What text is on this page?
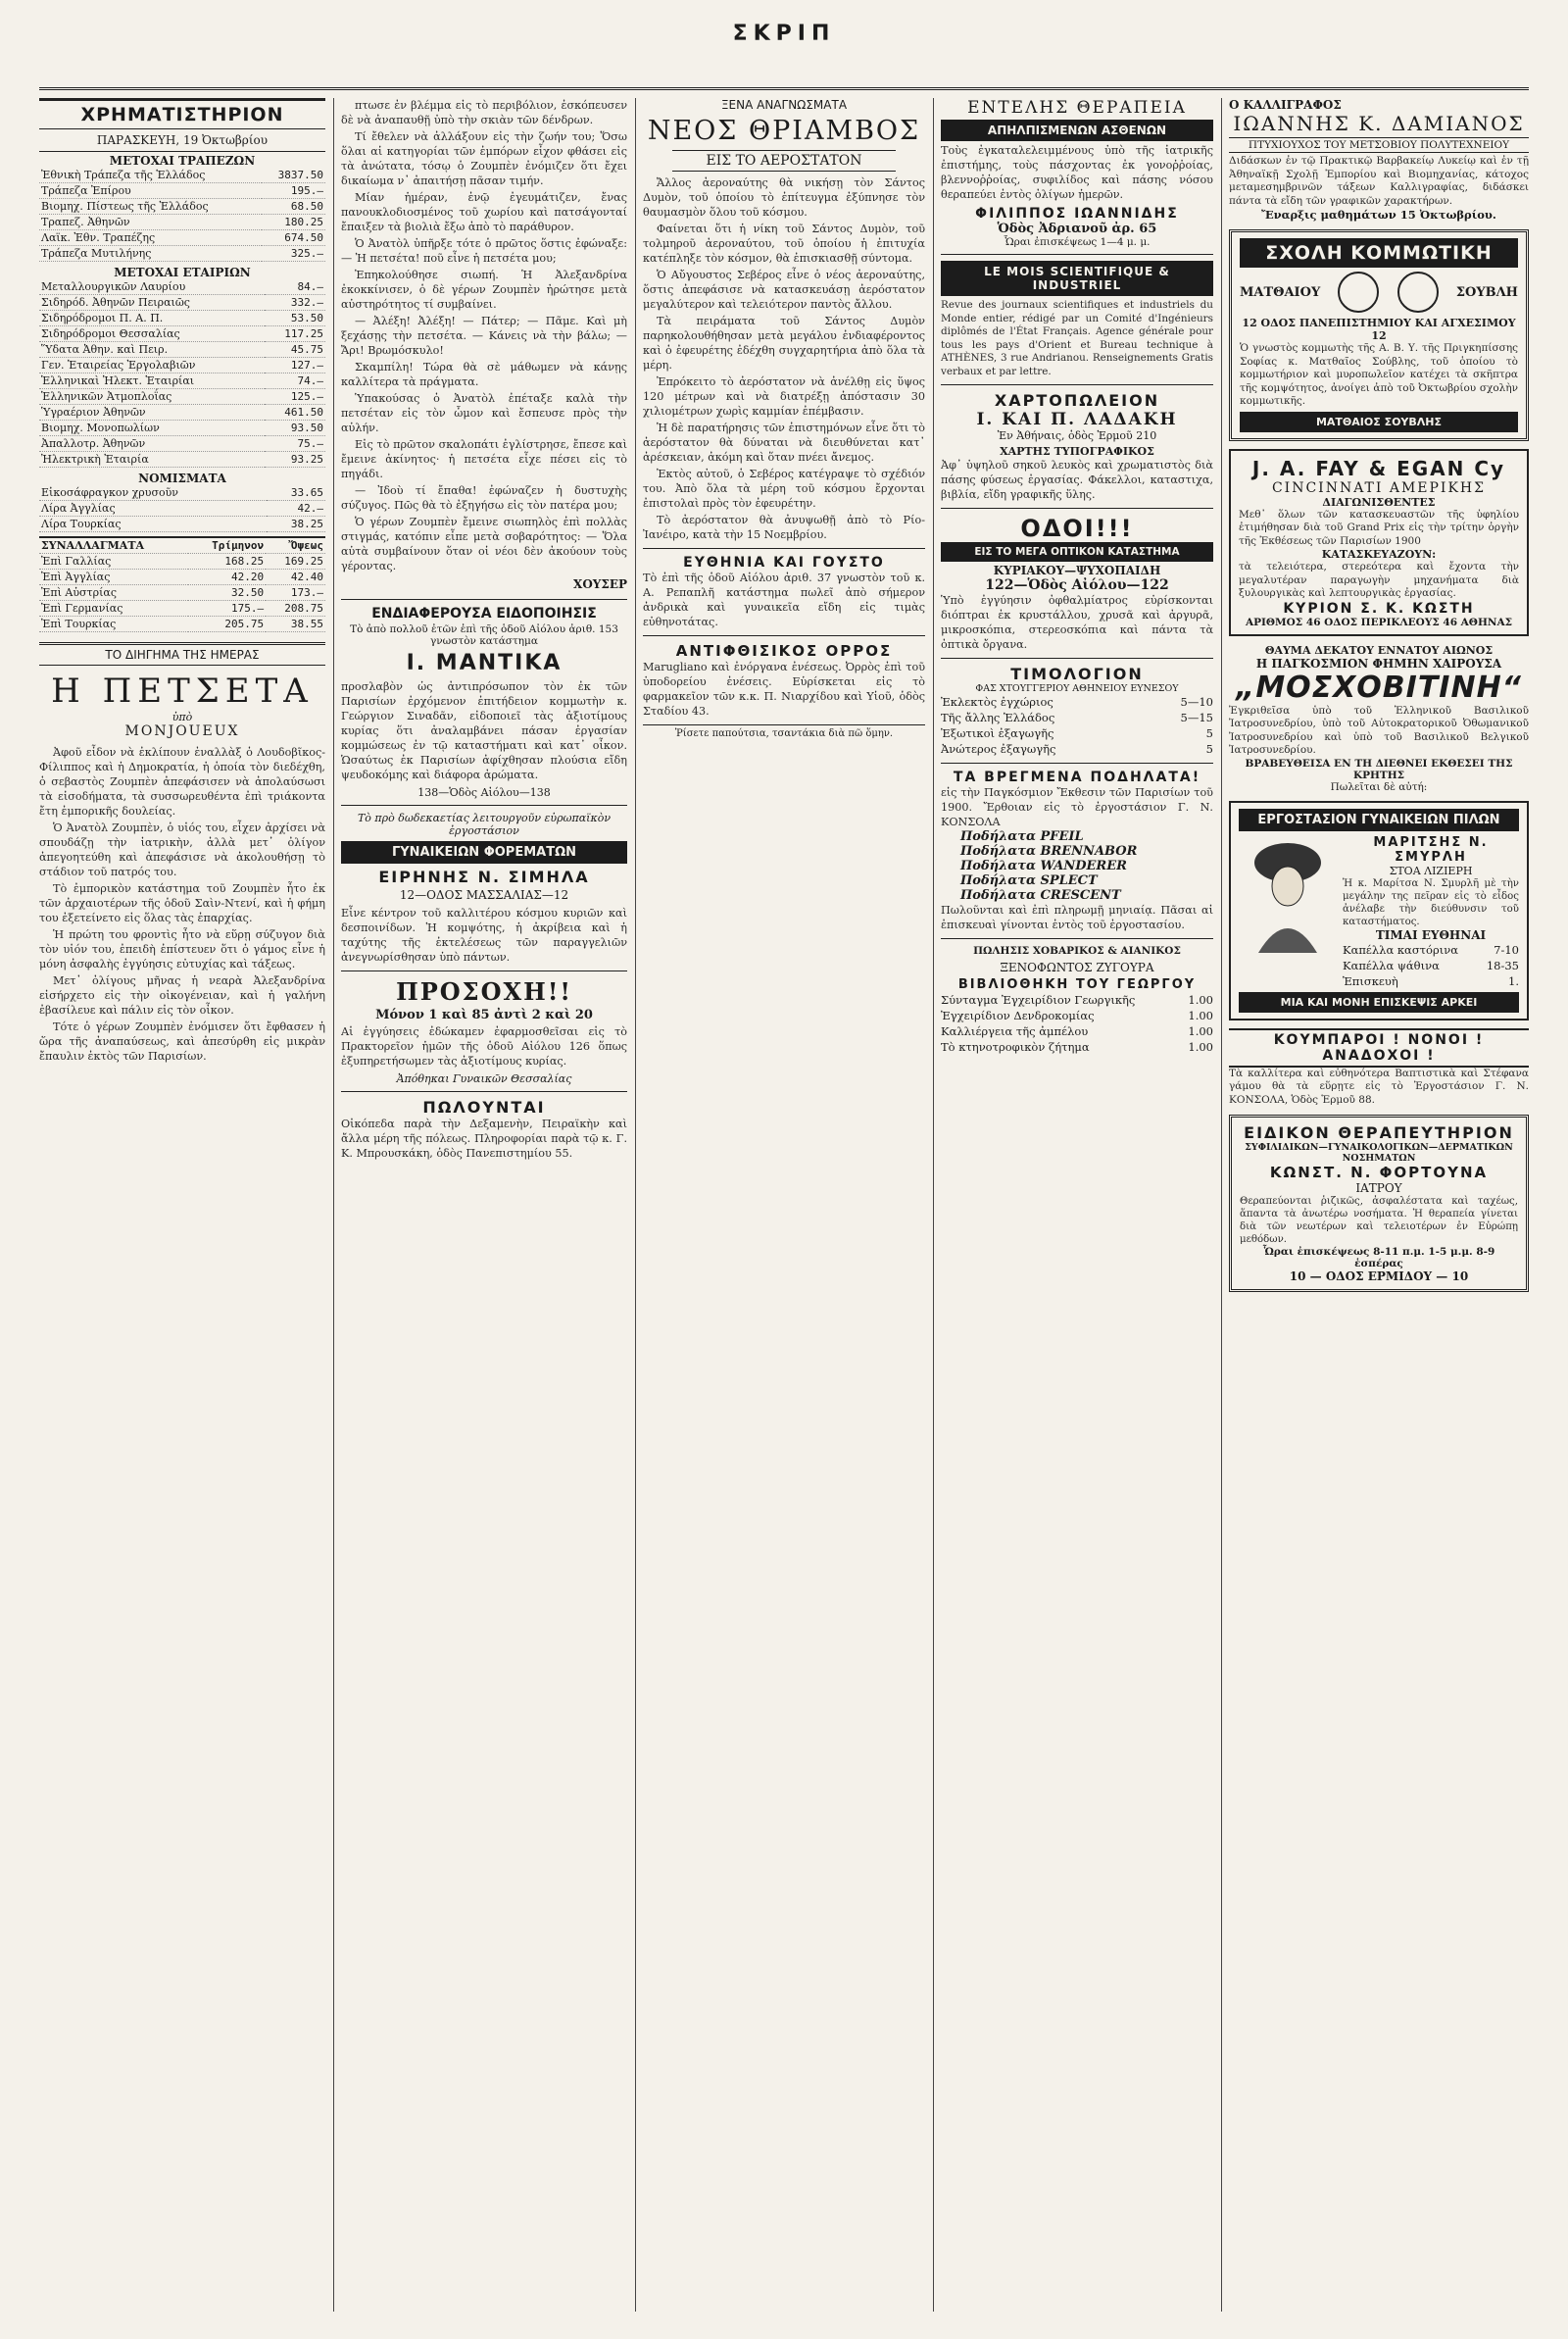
ΣΚΡΙΠ
ΧΡΗΜΑΤΙΣΤΗΡΙΟΝ
ΠΑΡΑΣΚΕΥΗ, 19 Ὀκτωβρίου
ΜΕΤΟΧΑΙ ΤΡΑΠΕΖΩΝ
Ἐθνικὴ Τράπεζα τῆς Ἑλλάδος	3837.50
Τράπεζα Ἐπίρου	195.—
Βιομηχ. Πίστεως τῆς Ἑλλάδος	68.50
Τραπεζ. Ἀθηνῶν	180.25
Λαϊκ. Ἐθν. Τραπέζης	674.50
Τράπεζα Μυτιλήνης	325.—
ΜΕΤΟΧΑΙ ΕΤΑΙΡΙΩΝ
Μεταλλουργικῶν Λαυρίου	84.—
Σιδηρόδ. Ἀθηνῶν Πειραιῶς	332.—
Σιδηρόδρομοι Π. Α. Π.	53.50
Σιδηρόδρομοι Θεσσαλίας	117.25
Ὕδατα Ἀθην. καὶ Πειρ.	45.75
Γεν. Ἑταιρείας Ἐργολαβιῶν	127.—
Ἑλληνικαὶ Ἠλεκτ. Ἑταιρίαι	74.—
Ἑλληνικῶν Ἀτμοπλοΐας	125.—
Ὑγραέριον Ἀθηνῶν	461.50
Βιομηχ. Μονοπωλίων	93.50
Ἀπαλλοτρ. Ἀθηνῶν	75.—
Ἠλεκτρικὴ Ἐταιρία	93.25
ΝΟΜΙΣΜΑΤΑ
Εἰκοσάφραγκον χρυσοῦν	33.65
Λίρα Ἀγγλίας	42.—
Λίρα Τουρκίας	38.25
ΣΥΝΑΛΛΑΓΜΑΤΑ	Τρίμηνον	Ὄψεως
Ἐπὶ Γαλλίας	168.25	169.25
Ἐπὶ Ἀγγλίας	42.20	42.40
Ἐπὶ Αὐστρίας	32.50	173.—
Ἐπὶ Γερμανίας	175.—	208.75
Ἐπὶ Τουρκίας	205.75	38.55
ΤΟ ΔΙΗΓΗΜΑ ΤΗΣ ΗΜΕΡΑΣ
Η ΠΕΤΣΕΤΑ
ὑπὸ
MONJOUEUX

Ἀφοῦ εἶδον νὰ ἐκλίπουν ἐναλλὰξ ὁ Λουδοβῖκος-Φίλιππος καὶ ἡ Δημοκρατία, ἡ ὁποία τὸν διεδέχθη, ὁ σεβαστὸς Ζουμπὲν ἀπεφάσισεν νὰ ἀπολαύσωσι τὰ εἰσοδήματα, τὰ συσσωρευθέντα ἐπὶ τριάκοντα ἔτη ἐμπορικῆς δουλείας.

Ὁ Ἀνατὸλ Ζουμπὲν, ὁ υἱός του, εἶχεν ἀρχίσει νὰ σπουδάζῃ τὴν ἰατρικὴν, ἀλλὰ μετ᾽ ὀλίγον ἀπεγοητεύθη καὶ ἀπεφάσισε νὰ ἀκολουθήσῃ τὸ στάδιον τοῦ πατρός του.

Τὸ ἐμπορικὸν κατάστημα τοῦ Ζουμπὲν ἦτο ἐκ τῶν ἀρχαιοτέρων τῆς ὁδοῦ Σαὶν-Ντενί, καὶ ἡ φήμη του ἐξετείνετο εἰς ὅλας τὰς ἐπαρχίας.

Ἡ πρώτη του φροντὶς ἦτο νὰ εὕρῃ σύζυγον διὰ τὸν υἱόν του, ἐπειδὴ ἐπίστευεν ὅτι ὁ γάμος εἶνε ἡ μόνη ἀσφαλὴς ἐγγύησις εὐτυχίας καὶ τάξεως.

Μετ᾽ ὀλίγους μῆνας ἡ νεαρὰ Ἀλεξανδρίνα εἰσήρχετο εἰς τὴν οἰκογένειαν, καὶ ἡ γαλήνη ἐβασίλευε καὶ πάλιν εἰς τὸν οἶκον.

Τότε ὁ γέρων Ζουμπὲν ἐνόμισεν ὅτι ἔφθασεν ἡ ὥρα τῆς ἀναπαύσεως, καὶ ἀπεσύρθη εἰς μικρὰν ἔπαυλιν ἐκτὸς τῶν Παρισίων.

πτωσε ἐν βλέμμα εἰς τὸ περιβόλιον, ἐσκόπευσεν δὲ νὰ ἀναπαυθῇ ὑπὸ τὴν σκιὰν τῶν δένδρων.

Τί ἔθελεν νὰ ἀλλάξουν εἰς τὴν ζωήν του; Ὅσω ὅλαι αἱ κατηγορίαι τῶν ἐμπόρων εἶχον φθάσει εἰς τὰ ἀνώτατα, τόσῳ ὁ Ζουμπὲν ἐνόμιζεν ὅτι ἔχει δικαίωμα ν᾽ ἀπαιτήσῃ πᾶσαν τιμήν.

Μίαν ἡμέραν, ἐνῷ ἐγευμάτιζεν, ἔνας πανουκλοδιοσμένος τοῦ χωρίου καὶ πατσάγονταί ἔπαιξεν τὰ βιολιὰ ἔξω ἀπὸ τὸ παράθυρον.

Ὁ Ἀνατὸλ ὑπῆρξε τότε ὁ πρῶτος ὅστις ἐφώναξε: — Ἡ πετσέτα! ποῦ εἶνε ἡ πετσέτα μου;

Ἐπηκολούθησε σιωπή. Ἡ Ἀλεξανδρίνα ἐκοκκίνισεν, ὁ δὲ γέρων Ζουμπὲν ἠρώτησε μετὰ αὐστηρότητος τί συμβαίνει.

— Ἀλέξη! Ἀλέξη! — Πάτερ; — Πᾶμε. Καὶ μὴ ξεχάσῃς τὴν πετσέτα. — Κάνεις νὰ τὴν βάλω; — Ἄρι! Βρωμόσκυλο!

Σκαμπίλη! Τώρα θὰ σὲ μάθωμεν νὰ κάνῃς καλλίτερα τὰ πράγματα.

Ὑπακούσας ὁ Ἀνατὸλ ἐπέταξε καλὰ τὴν πετσέταν εἰς τὸν ὦμον καὶ ἔσπευσε πρὸς τὴν αὐλήν.

Εἰς τὸ πρῶτον σκαλοπάτι ἐγλίστρησε, ἔπεσε καὶ ἔμεινε ἀκίνητος· ἡ πετσέτα εἶχε πέσει εἰς τὸ πηγάδι.

— Ἰδοὺ τί ἔπαθα! ἐφώναζεν ἡ δυστυχὴς σύζυγος. Πῶς θὰ τὸ ἐξηγήσω εἰς τὸν πατέρα μου;

Ὁ γέρων Ζουμπὲν ἔμεινε σιωπηλὸς ἐπὶ πολλὰς στιγμάς, κατόπιν εἶπε μετὰ σοβαρότητος: — Ὅλα αὐτὰ συμβαίνουν ὅταν οἱ νέοι δὲν ἀκούουν τοὺς γέροντας.

ΧΟΥΣΕΡ
ΕΝΔΙΑΦΕΡΟΥΣΑ ΕΙΔΟΠΟΙΗΣΙΣ
Τὸ ἀπὸ πολλοῦ ἐτῶν ἐπὶ τῆς ὁδοῦ Αἰόλου ἀριθ. 153 γνωστὸν κατάστημα
Ι. ΜΑΝΤΙΚΑ
προσλαβὸν ὡς ἀντιπρόσωπον τὸν ἐκ τῶν Παρισίων ἐρχόμενον ἐπιτήδειον κομμωτὴν κ. Γεώργιον Σιναδᾶν, εἰδοποιεῖ τὰς ἀξιοτίμους κυρίας ὅτι ἀναλαμβάνει πάσαν ἐργασίαν κομμώσεως ἐν τῷ καταστήματι καὶ κατ᾽ οἶκον. Ὡσαύτως ἐκ Παρισίων ἀφίχθησαν πλούσια εἴδη ψευδοκόμης καὶ διάφορα ἀρώματα.
138—Ὁδὸς Αἰόλου—138
Τὸ πρὸ δωδεκαετίας λειτουργοῦν εὐρωπαϊκὸν ἐργοστάσιον
ΓΥΝΑΙΚΕΙΩΝ ΦΟΡΕΜΑΤΩΝ
ΕΙΡΗΝΗΣ Ν. ΣΙΜΗΛΑ
12—ΟΔΟΣ ΜΑΣΣΑΛΙΑΣ—12
Εἶνε κέντρον τοῦ καλλιτέρου κόσμου κυριῶν καὶ δεσποινίδων. Ἡ κομψότης, ἡ ἀκρίβεια καὶ ἡ ταχύτης τῆς ἐκτελέσεως τῶν παραγγελιῶν ἀνεγνωρίσθησαν ὑπὸ πάντων.
ΠΡΟΣΟΧΗ!!
Μόνον 1 καὶ 85 ἀντὶ 2 καὶ 20
Αἱ ἐγγύησεις ἐδώκαμεν ἐφαρμοσθεῖσαι εἰς τὸ Πρακτορεῖον ἡμῶν τῆς ὁδοῦ Αἰόλου 126 ὅπως ἐξυπηρετήσωμεν τὰς ἀξιοτίμους κυρίας.
Ἀπόθηκαι Γυναικῶν Θεσσαλίας
ΠΩΛΟΥΝΤΑΙ
Οἰκόπεδα παρὰ τὴν Δεξαμενὴν, Πειραϊκὴν καὶ ἄλλα μέρη τῆς πόλεως. Πληροφορίαι παρὰ τῷ κ. Γ. Κ. Μπρουσκάκη, ὁδὸς Πανεπιστημίου 55.
ΞΕΝΑ ΑΝΑΓΝΩΣΜΑΤΑ
ΝΕΟΣ ΘΡΙΑΜΒΟΣ
ΕΙΣ ΤΟ ΑΕΡΟΣΤΑΤΟΝ

Ἄλλος ἀεροναύτης θὰ νικήσῃ τὸν Σάντος Δυμὸν, τοῦ ὁποίου τὸ ἐπίτευγμα ἐξύπνησε τὸν θαυμασμὸν ὅλου τοῦ κόσμου.

Φαίνεται ὅτι ἡ νίκη τοῦ Σάντος Δυμὸν, τοῦ τολμηροῦ ἀεροναύτου, τοῦ ὁποίου ἡ ἐπιτυχία κατέπληξε τὸν κόσμον, θὰ ἐπισκιασθῇ σύντομα.

Ὁ Αὔγουστος Σεβέρος εἶνε ὁ νέος ἀεροναύτης, ὅστις ἀπεφάσισε νὰ κατασκευάσῃ ἀερόστατον μεγαλύτερον καὶ τελειότερον παντὸς ἄλλου.

Τὰ πειράματα τοῦ Σάντος Δυμὸν παρηκολουθήθησαν μετὰ μεγάλου ἐνδιαφέροντος καὶ ὁ ἐφευρέτης ἐδέχθη συγχαρητήρια ἀπὸ ὅλα τὰ μέρη.

Ἐπρόκειτο τὸ ἀερόστατον νὰ ἀνέλθῃ εἰς ὕψος 120 μέτρων καὶ νὰ διατρέξῃ ἀπόστασιν 30 χιλιομέτρων χωρὶς καμμίαν ἐπέμβασιν.

Ἡ δὲ παρατήρησις τῶν ἐπιστημόνων εἶνε ὅτι τὸ ἀερόστατον θὰ δύναται νὰ διευθύνεται κατ᾽ ἀρέσκειαν, ἀκόμη καὶ ὅταν πνέει ἄνεμος.

Ἐκτὸς αὐτοῦ, ὁ Σεβέρος κατέγραψε τὸ σχέδιόν του. Ἀπὸ ὅλα τὰ μέρη τοῦ κόσμου ἔρχονται ἐπιστολαὶ πρὸς τὸν ἐφευρέτην.

Τὸ ἀερόστατον θὰ ἀνυψωθῇ ἀπὸ τὸ Ρίο-Ἰανέιρο, κατὰ τὴν 15 Νοεμβρίου.

ΕΥΘΗΝΙΑ ΚΑΙ ΓΟΥΣΤΟ
Τὸ ἐπὶ τῆς ὁδοῦ Αἰόλου ἀριθ. 37 γνωστὸν τοῦ κ. Α. Ρεπαπλῆ κατάστημα πωλεῖ ἀπὸ σήμερον ἀνδρικὰ καὶ γυναικεῖα εἴδη εἰς τιμὰς εὐθηνοτάτας.
ΑΝΤΙΦΘΙΣΙΚΟΣ ΟΡΡΟΣ
Marugliano καὶ ἐνόργανα ἐνέσεως. Ὀρρὸς ἐπὶ τοῦ ὑποδορείου ἐνέσεις. Εὑρίσκεται εἰς τὸ φαρμακεῖον τῶν κ.κ. Π. Νιαρχίδου καὶ Υἱοῦ, ὁδὸς Σταδίου 43.
Ῥίσετε παπούτσια, τσαντάκια διὰ πῶ ὅμην.
ΕΝΤΕΛΗΣ ΘΕΡΑΠΕΙΑ
ΑΠΗΛΠΙΣΜΕΝΩΝ ΑΣΘΕΝΩΝ
Τοὺς ἐγκαταλελειμμένους ὑπὸ τῆς ἰατρικῆς ἐπιστήμης, τοὺς πάσχοντας ἐκ γονοῤῥοίας, βλεννοῤῥοίας, συφιλίδος καὶ πάσης νόσου θεραπεύει ἐντὸς ὀλίγων ἡμερῶν.
ΦΙΛΙΠΠΟΣ ΙΩΑΝΝΙΔΗΣ
Ὁδὸς Ἀδριανοῦ ἀρ. 65
Ὧραι ἐπισκέψεως 1—4 μ. μ.
LE MOIS SCIENTIFIQUE & INDUSTRIEL
Revue des journaux scientifiques et industriels du Monde entier, rédigé par un Comité d'Ingénieurs diplômés de l'État Français. Agence générale pour tous les pays d'Orient et Bureau technique à ATHÈNES, 3 rue Andrianou. Renseignements Gratis verbaux et par lettre.
ΧΑΡΤΟΠΩΛΕΙΟΝ
Ι. ΚΑΙ Π. ΛΑΔΑΚΗ
Ἐν Ἀθήναις, ὁδὸς Ἑρμοῦ 210
ΧΑΡΤΗΣ ΤΥΠΟΓΡΑΦΙΚΟΣ
Ἀφ᾽ ὑψηλοῦ σηκοῦ λευκὸς καὶ χρωματιστὸς διὰ πάσης φύσεως ἐργασίας. Φάκελλοι, καταστιχα, βιβλία, εἴδη γραφικῆς ὕλης.
ΟΔΟΙ!!!
ΕΙΣ ΤΟ ΜΕΓΑ ΟΠΤΙΚΟΝ ΚΑΤΑΣΤΗΜΑ
ΚΥΡΙΑΚΟΥ—ΨΥΧΟΠΑΙΔΗ
122—Ὁδὸς Αἰόλου—122
Ὑπὸ ἐγγύησιν ὀφθαλμίατρος εὑρίσκονται διόπτραι ἐκ κρυστάλλου, χρυσᾶ καὶ ἀργυρᾶ, μικροσκόπια, στερεοσκόπια καὶ πάντα τὰ ὀπτικὰ ὄργανα.
ΤΙΜΟΛΟΓΙΟΝ
ΦΑΣ ΧΤΟΥΓΓΕΡΙΟΥ ΑΘΗΝΕΙΟΥ ΕΥΝΕΣΟΥ
Ἐκλεκτὸς ἐγχώριος	5—10
Τῆς ἄλλης Ἑλλάδος	5—15
Ἐξωτικοὶ ἐξαγωγῆς	5
Ἀνώτερος ἐξαγωγῆς	5
ΤΑ ΒΡΕΓΜΕΝΑ ΠΟΔΗΛΑΤΑ!
εἰς τὴν Παγκόσμιον Ἔκθεσιν τῶν Παρισίων τοῦ 1900. Ἔρθοιαν εἰς τὸ ἐργοστάσιον Γ. Ν. ΚΟΝΣΟΛΑ
Ποδήλατα PFEIL
Ποδήλατα BRENNABOR
Ποδήλατα WANDERER
Ποδήλατα SPLECT
Ποδήλατα CRESCENT
Πωλοῦνται καὶ ἐπὶ πληρωμῇ μηνιαίᾳ. Πᾶσαι αἱ ἐπισκευαὶ γίνονται ἐντὸς τοῦ ἐργοστασίου.
ΠΩΛΗΣΙΣ ΧΟΒΑΡΙΚΟΣ & ΑΙΑΝΙΚΟΣ
ΞΕΝΟΦΩΝΤΟΣ ΖΥΓΟΥΡΑ
ΒΙΒΛΙΟΘΗΚΗ ΤΟΥ ΓΕΩΡΓΟΥ
Σύνταγμα Ἐγχειρίδιον Γεωργικῆς	1.00
Ἐγχειρίδιον Δενδροκομίας	1.00
Καλλιέργεια τῆς ἀμπέλου	1.00
Τὸ κτηνοτροφικὸν ζήτημα	1.00
Ο ΚΑΛΛΙΓΡΑΦΟΣ
ΙΩΑΝΝΗΣ Κ. ΔΑΜΙΑΝΟΣ
ΠΤΥΧΙΟΥΧΟΣ ΤΟΥ ΜΕΤΣΟΒΙΟΥ ΠΟΛΥΤΕΧΝΕΙΟΥ
Διδάσκων ἐν τῷ Πρακτικῷ Βαρβακείῳ Λυκείῳ καὶ ἐν τῇ Ἀθηναϊκῇ Σχολῇ Ἐμπορίου καὶ Βιομηχανίας, κάτοχος μεταμεσημβρινῶν τάξεων Καλλιγραφίας, διδάσκει πάντα τὰ εἴδη τῶν γραφικῶν χαρακτήρων.
Ἔναρξις μαθημάτων 15 Ὀκτωβρίου.
ΣΧΟΛΗ ΚΟΜΜΩΤΙΚΗ
ΜΑΤΘΑΙΟΥ	ΣΟΥΒΛΗ
12 ΟΔΟΣ ΠΑΝΕΠΙΣΤΗΜΙΟΥ ΚΑΙ ΑΓΧΕΣΙΜΟΥ 12
Ὁ γνωστὸς κομμωτὴς τῆς Α. Β. Υ. τῆς Πριγκηπίσσης Σοφίας κ. Ματθαῖος Σούβλης, τοῦ ὁποίου τὸ κομμωτήριον καὶ μυροπωλεῖον κατέχει τὰ σκῆπτρα τῆς κομψότητος, ἀνοίγει ἀπὸ τοῦ Ὀκτωβρίου σχολὴν κομμωτικῆς.
ΜΑΤΘΑΙΟΣ ΣΟΥΒΛΗΣ
J. A. FAY & EGAN Cy
CINCINNATI ΑΜΕΡΙΚΗΣ
ΔΙΑΓΩΝΙΣΘΕΝΤΕΣ
Μεθ᾽ ὅλων τῶν κατασκευαστῶν τῆς ὑφηλίου ἐτιμήθησαν διὰ τοῦ Grand Prix εἰς τὴν τρίτην ὀργὴν τῆς Ἐκθέσεως τῶν Παρισίων 1900
ΚΑΤΑΣΚΕΥΑΖΟΥΝ:
τὰ τελειότερα, στερεότερα καὶ ἔχοντα τὴν μεγαλυτέραν παραγωγὴν μηχανήματα διὰ ξυλουργικὰς καὶ λεπτουργικὰς ἐργασίας.
ΚΥΡΙΟΝ Σ. Κ. ΚΩΣΤΗ
ΑΡΙΘΜΟΣ 46 ΟΔΟΣ ΠΕΡΙΚΛΕΟΥΣ 46 ΑΘΗΝΑΣ
ΘΑΥΜΑ ΔΕΚΑΤΟΥ ΕΝΝΑΤΟΥ ΑΙΩΝΟΣ
Η ΠΑΓΚΟΣΜΙΟΝ ΦΗΜΗΝ ΧΑΙΡΟΥΣΑ
„ΜΟΣΧΟΒΙΤΙΝΗ“
Ἐγκριθεῖσα ὑπὸ τοῦ Ἑλληνικοῦ Βασιλικοῦ Ἰατροσυνεδρίου, ὑπὸ τοῦ Αὐτοκρατορικοῦ Ὀθωμανικοῦ Ἰατροσυνεδρίου καὶ ὑπὸ τοῦ Βασιλικοῦ Βελγικοῦ Ἰατροσυνεδρίου.
ΒΡΑΒΕΥΘΕΙΣΑ ΕΝ ΤΗ ΔΙΕΘΝΕΙ ΕΚΘΕΣΕΙ ΤΗΣ ΚΡΗΤΗΣ
Πωλεῖται δὲ αὐτή:
ΕΡΓΟΣΤΑΣΙΟΝ ΓΥΝΑΙΚΕΙΩΝ ΠΙΛΩΝ
ΜΑΡΙΤΣΗΣ Ν. ΣΜΥΡΛΗ
ΣΤΟΑ ΛΙΖΙΕΡΗ
Ἡ κ. Μαρίτσα Ν. Σμυρλῆ μὲ τὴν μεγάλην της πεῖραν εἰς τὸ εἶδος ἀνέλαβε τὴν διεύθυνσιν τοῦ καταστήματος.
ΤΙΜΑΙ ΕΥΘΗΝΑΙ
Καπέλλα καστόρινα	7-10
Καπέλλα ψάθινα	18-35
Ἐπισκευὴ	1.
ΜΙΑ ΚΑΙ ΜΟΝΗ ΕΠΙΣΚΕΨΙΣ ΑΡΚΕΙ
ΚΟΥΜΠΑΡΟΙ ! ΝΟΝΟΙ ! ΑΝΑΔΟΧΟΙ !
Τὰ καλλίτερα καὶ εὐθηνότερα Βαπτιστικὰ καὶ Στέφανα γάμου θὰ τὰ εὕρῃτε εἰς τὸ Ἐργοστάσιον Γ. Ν. ΚΟΝΣΟΛΑ, Ὁδὸς Ἑρμοῦ 88.
ΕΙΔΙΚΟΝ ΘΕΡΑΠΕΥΤΗΡΙΟΝ
ΣΥΦΙΛΙΔΙΚΩΝ—ΓΥΝΑΙΚΟΛΟΓΙΚΩΝ—ΔΕΡΜΑΤΙΚΩΝ ΝΟΣΗΜΑΤΩΝ
ΚΩΝΣΤ. Ν. ΦΟΡΤΟΥΝΑ
ΙΑΤΡΟΥ
Θεραπεύονται ῥιζικῶς, ἀσφαλέστατα καὶ ταχέως, ἅπαντα τὰ ἀνωτέρω νοσήματα. Ἡ θεραπεία γίνεται διὰ τῶν νεωτέρων καὶ τελειοτέρων ἐν Εὐρώπῃ μεθόδων.
Ὧραι ἐπισκέψεως 8-11 π.μ. 1-5 μ.μ. 8-9 ἑσπέρας
10 — ΟΔΟΣ ΕΡΜΙΔΟΥ — 10
